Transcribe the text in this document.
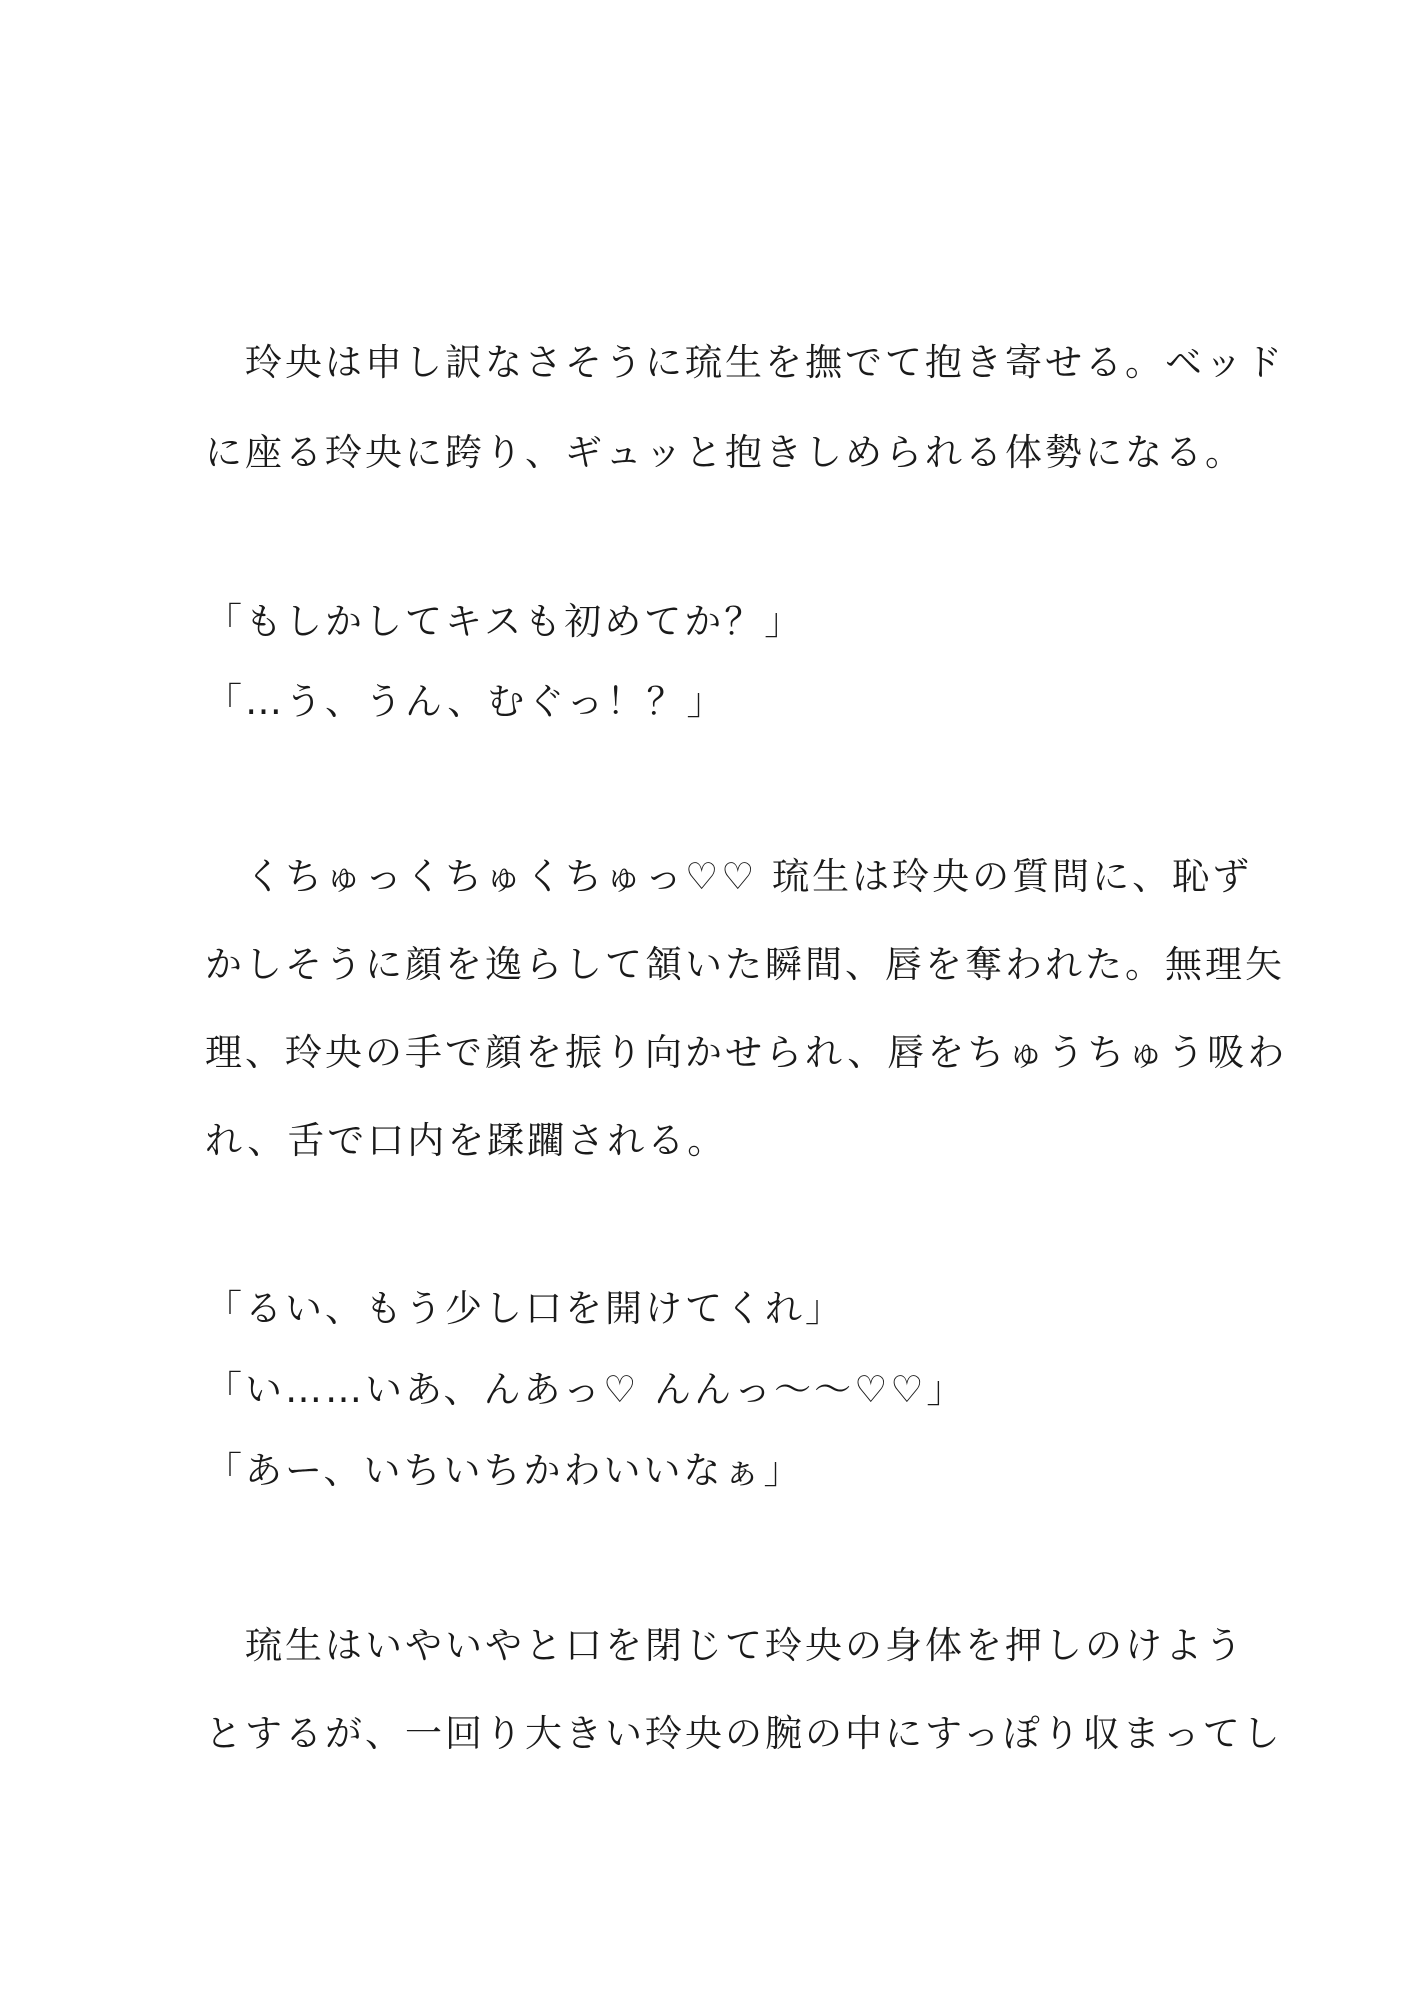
　玲央は申し訳なさそうに琉生を撫でて抱き寄せる。ベッド
に座る玲央に跨り、ギュッと抱きしめられる体勢になる。
「もしかしてキスも初めてか？」
「…う、うん、むぐっ！？」
　くちゅっくちゅくちゅっ♡♡ 琉生は玲央の質問に、恥ず
かしそうに顔を逸らして頷いた瞬間、唇を奪われた。無理矢
理、玲央の手で顔を振り向かせられ、唇をちゅうちゅう吸わ
れ、舌で口内を蹂躙される。
「るい、もう少し口を開けてくれ」
「い……いあ、んあっ♡ んんっ～～♡♡」
「あー、いちいちかわいいなぁ」
　琉生はいやいやと口を閉じて玲央の身体を押しのけよう
とするが、一回り大きい玲央の腕の中にすっぽり収まってし
